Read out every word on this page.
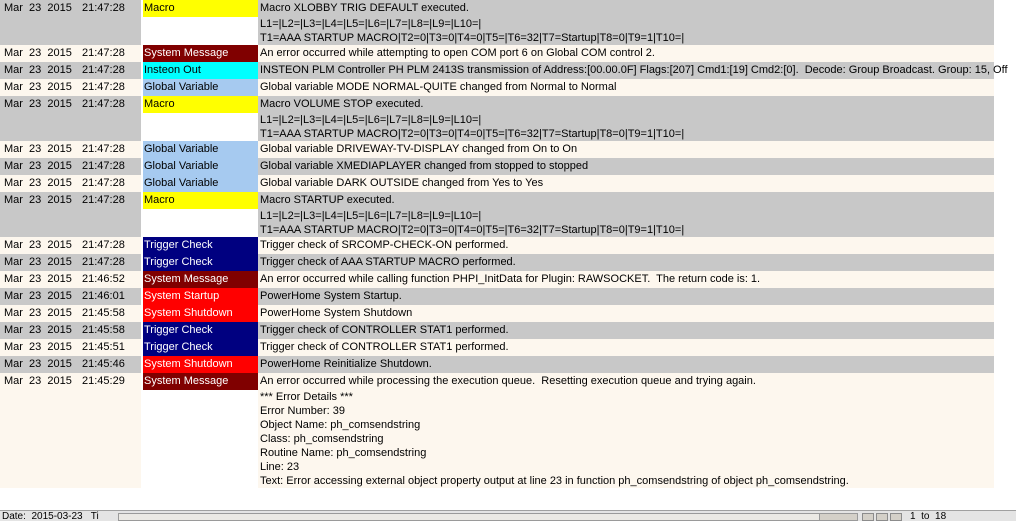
Mar  23  2015 21:47:28	Macro	Macro XLOBBY TRIG DEFAULT executed.
L1=|L2=|L3=|L4=|L5=|L6=|L7=|L8=|L9=|L10=|
T1=AAA STARTUP MACRO|T2=0|T3=0|T4=0|T5=|T6=32|T7=Startup|T8=0|T9=1|T10=|
Mar  23  2015 21:47:28	System Message	An error occurred while attempting to open COM port 6 on Global COM control 2.
Mar  23  2015 21:47:28	Insteon Out	INSTEON PLM Controller PH PLM 2413S transmission of Address:[00.00.0F] Flags:[207] Cmd1:[19] Cmd2:[0].  Decode: Group Broadcast. Group: 15, Off
Mar  23  2015 21:47:28	Global Variable	Global variable MODE NORMAL-QUITE changed from Normal to Normal
Mar  23  2015 21:47:28	Macro	Macro VOLUME STOP executed.
L1=|L2=|L3=|L4=|L5=|L6=|L7=|L8=|L9=|L10=|
T1=AAA STARTUP MACRO|T2=0|T3=0|T4=0|T5=|T6=32|T7=Startup|T8=0|T9=1|T10=|
Mar  23  2015 21:47:28	Global Variable	Global variable DRIVEWAY-TV-DISPLAY changed from On to On
Mar  23  2015 21:47:28	Global Variable	Global variable XMEDIAPLAYER changed from stopped to stopped
Mar  23  2015 21:47:28	Global Variable	Global variable DARK OUTSIDE changed from Yes to Yes
Mar  23  2015 21:47:28	Macro	Macro STARTUP executed.
L1=|L2=|L3=|L4=|L5=|L6=|L7=|L8=|L9=|L10=|
T1=AAA STARTUP MACRO|T2=0|T3=0|T4=0|T5=|T6=32|T7=Startup|T8=0|T9=1|T10=|
Mar  23  2015 21:47:28	Trigger Check	Trigger check of SRCOMP-CHECK-ON performed.
Mar  23  2015 21:47:28	Trigger Check	Trigger check of AAA STARTUP MACRO performed.
Mar  23  2015 21:46:52	System Message	An error occurred while calling function PHPI_InitData for Plugin: RAWSOCKET.  The return code is: 1.
Mar  23  2015 21:46:01	System Startup	PowerHome System Startup.
Mar  23  2015 21:45:58	System Shutdown	PowerHome System Shutdown
Mar  23  2015 21:45:58	Trigger Check	Trigger check of CONTROLLER STAT1 performed.
Mar  23  2015 21:45:51	Trigger Check	Trigger check of CONTROLLER STAT1 performed.
Mar  23  2015 21:45:46	System Shutdown	PowerHome Reinitialize Shutdown.
Mar  23  2015 21:45:29	System Message	An error occurred while processing the execution queue.  Resetting execution queue and trying again.
*** Error Details ***
Error Number: 39
Object Name: ph_comsendstring
Class: ph_comsendstring
Routine Name: ph_comsendstring
Line: 23
Text: Error accessing external object property output at line 23 in function ph_comsendstring of object ph_comsendstring.
Date:  2015-03-23   Ti	1  to  18
